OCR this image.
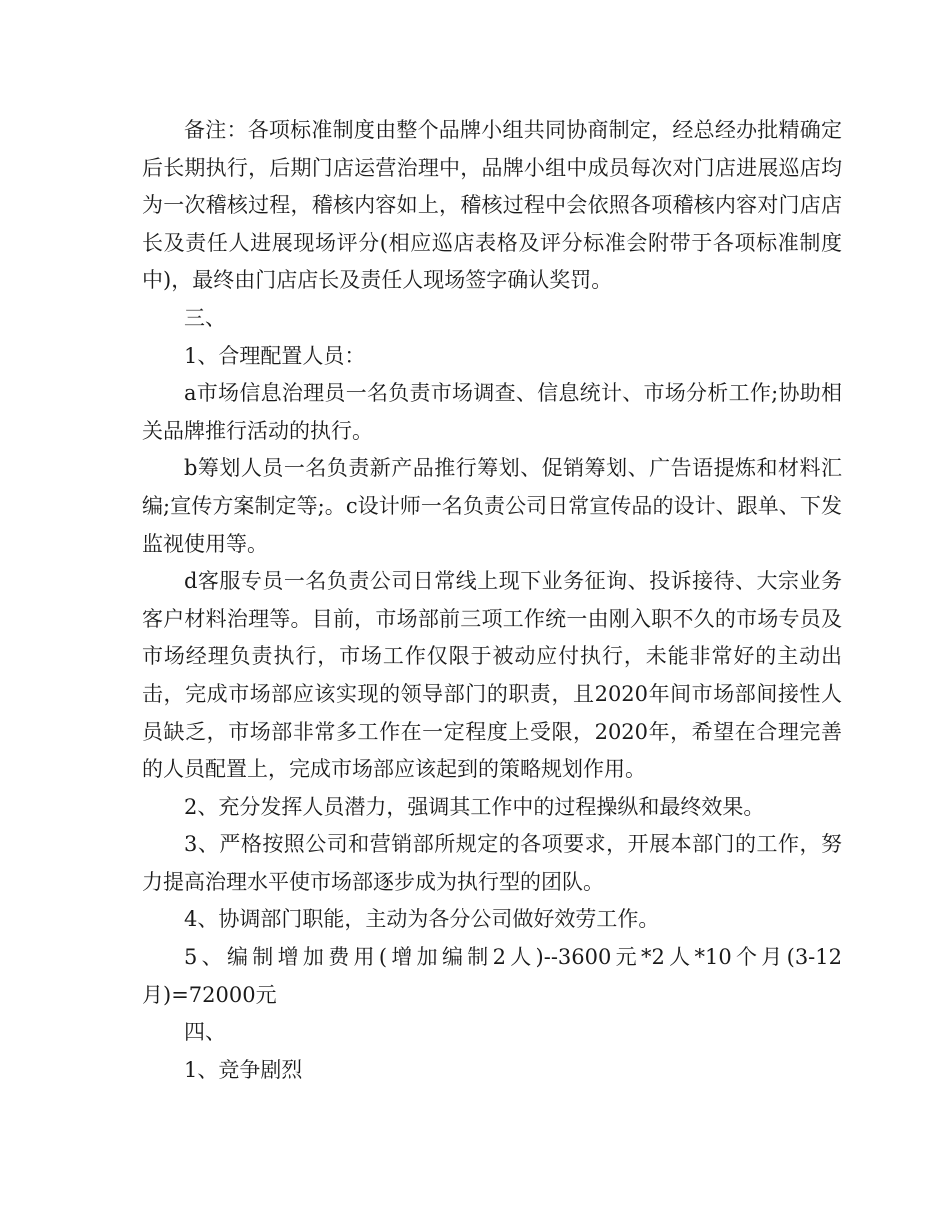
备注：各项标准制度由整个品牌小组共同协商制定，经总经办批精确定后长期执行，后期门店运营治理中，品牌小组中成员每次对门店进展巡店均为一次稽核过程，稽核内容如上，稽核过程中会依照各项稽核内容对门店店长及责任人进展现场评分(相应巡店表格及评分标准会附带于各项标准制度中)，最终由门店店长及责任人现场签字确认奖罚。

三、

1、合理配置人员：

a市场信息治理员一名负责市场调查、信息统计、市场分析工作;协助相关品牌推行活动的执行。

b筹划人员一名负责新产品推行筹划、促销筹划、广告语提炼和材料汇编;宣传方案制定等;。c设计师一名负责公司日常宣传品的设计、跟单、下发监视使用等。

d客服专员一名负责公司日常线上现下业务征询、投诉接待、大宗业务客户材料治理等。目前，市场部前三项工作统一由刚入职不久的市场专员及市场经理负责执行，市场工作仅限于被动应付执行，未能非常好的主动出击，完成市场部应该实现的领导部门的职责，且2020年间市场部间接性人员缺乏，市场部非常多工作在一定程度上受限，2020年，希望在合理完善的人员配置上，完成市场部应该起到的策略规划作用。

2、充分发挥人员潜力，强调其工作中的过程操纵和最终效果。

3、严格按照公司和营销部所规定的各项要求，开展本部门的工作，努力提高治理水平使市场部逐步成为执行型的团队。

4、协调部门职能，主动为各分公司做好效劳工作。

5、编制增加费用(增加编制2人)--3600元*2人*10个月(3-12月)=72000元

四、

1、竞争剧烈
